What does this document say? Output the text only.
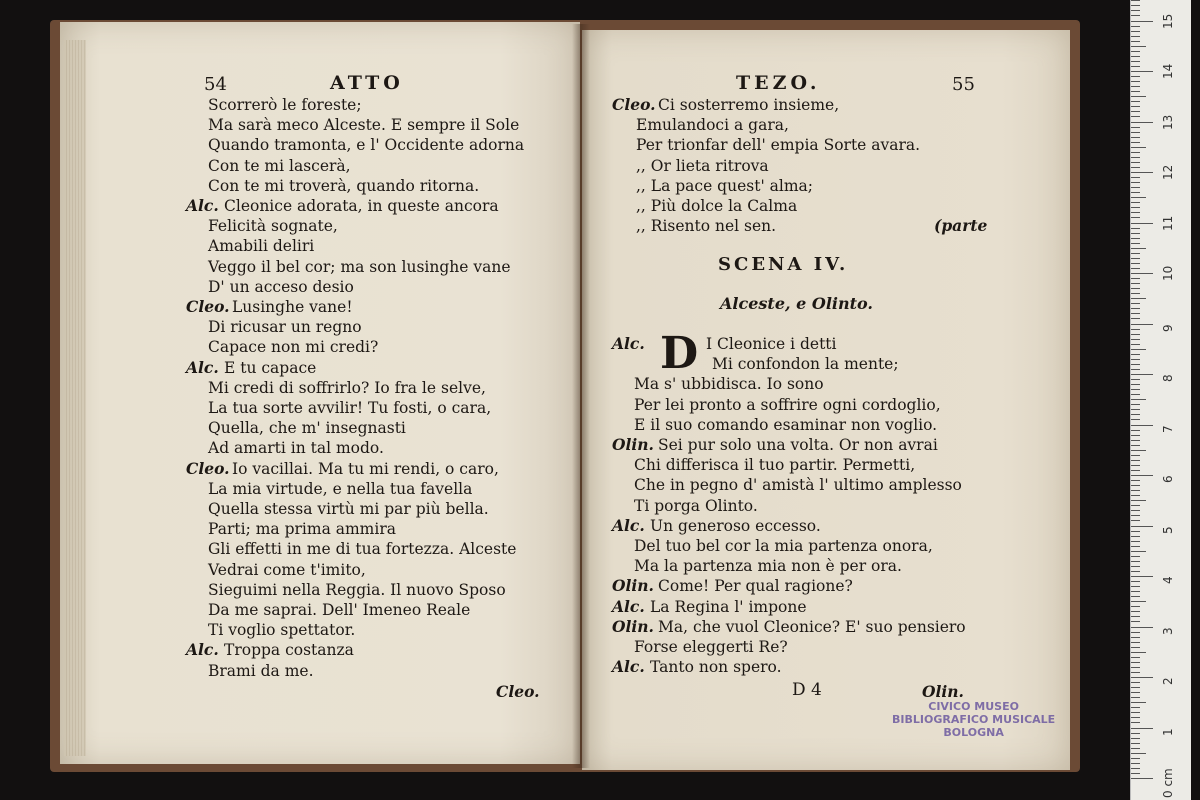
54	ATTO
Scorrerò le foreste;
Ma sarà meco Alceste. E sempre il Sole
Quando tramonta, e l' Occidente adorna
Con te mi lascerà,
Con te mi troverà, quando ritorna.
Alc. Cleonice adorata, in queste ancora
Felicità sognate,
Amabili deliri
Veggo il bel cor; ma son lusinghe vane
D' un acceso desio
Cleo. Lusinghe vane!
Di ricusar un regno
Capace non mi credi?
Alc. E tu capace
Mi credi di soffrirlo? Io fra le selve,
La tua sorte avvilir! Tu fosti, o cara,
Quella, che m' insegnasti
Ad amarti in tal modo.
Cleo. Io vacillai. Ma tu mi rendi, o caro,
La mia virtude, e nella tua favella
Quella stessa virtù mi par più bella.
Parti; ma prima ammira
Gli effetti in me di tua fortezza. Alceste
Vedrai come t'imito,
Sieguimi nella Reggia. Il nuovo Sposo
Da me saprai. Dell' Imeneo Reale
Ti voglio spettator.
Alc. Troppa costanza
Brami da me.
Cleo.
TEZO.	55
Cleo. Ci sosterremo insieme,
Emulandoci a gara,
Per trionfar dell' empia Sorte avara.
,, Or lieta ritrova
,, La pace quest' alma;
,, Più dolce la Calma
,, Risento nel sen.	(parte
SCENA IV.
Alceste, e Olinto.
Alc. D I Cleonice i detti
Mi confondon la mente;
Ma s' ubbidisca. Io sono
Per lei pronto a soffrire ogni cordoglio,
E il suo comando esaminar non voglio.
Olin. Sei pur solo una volta. Or non avrai
Chi differisca il tuo partir. Permetti,
Che in pegno d' amistà l' ultimo amplesso
Ti porga Olinto.
Alc. Un generoso eccesso.
Del tuo bel cor la mia partenza onora,
Ma la partenza mia non è per ora.
Olin. Come! Per qual ragione?
Alc. La Regina l' impone
Olin. Ma, che vuol Cleonice? E' suo pensiero
Forse eleggerti Re?
Alc. Tanto non spero.
D 4	Olin.
CIVICO MUSEO
BIBLIOGRAFICO MUSICALE
BOLOGNA
0 cm
1
2
3
4
5
6
7
8
9
10
11
12
13
14
15
